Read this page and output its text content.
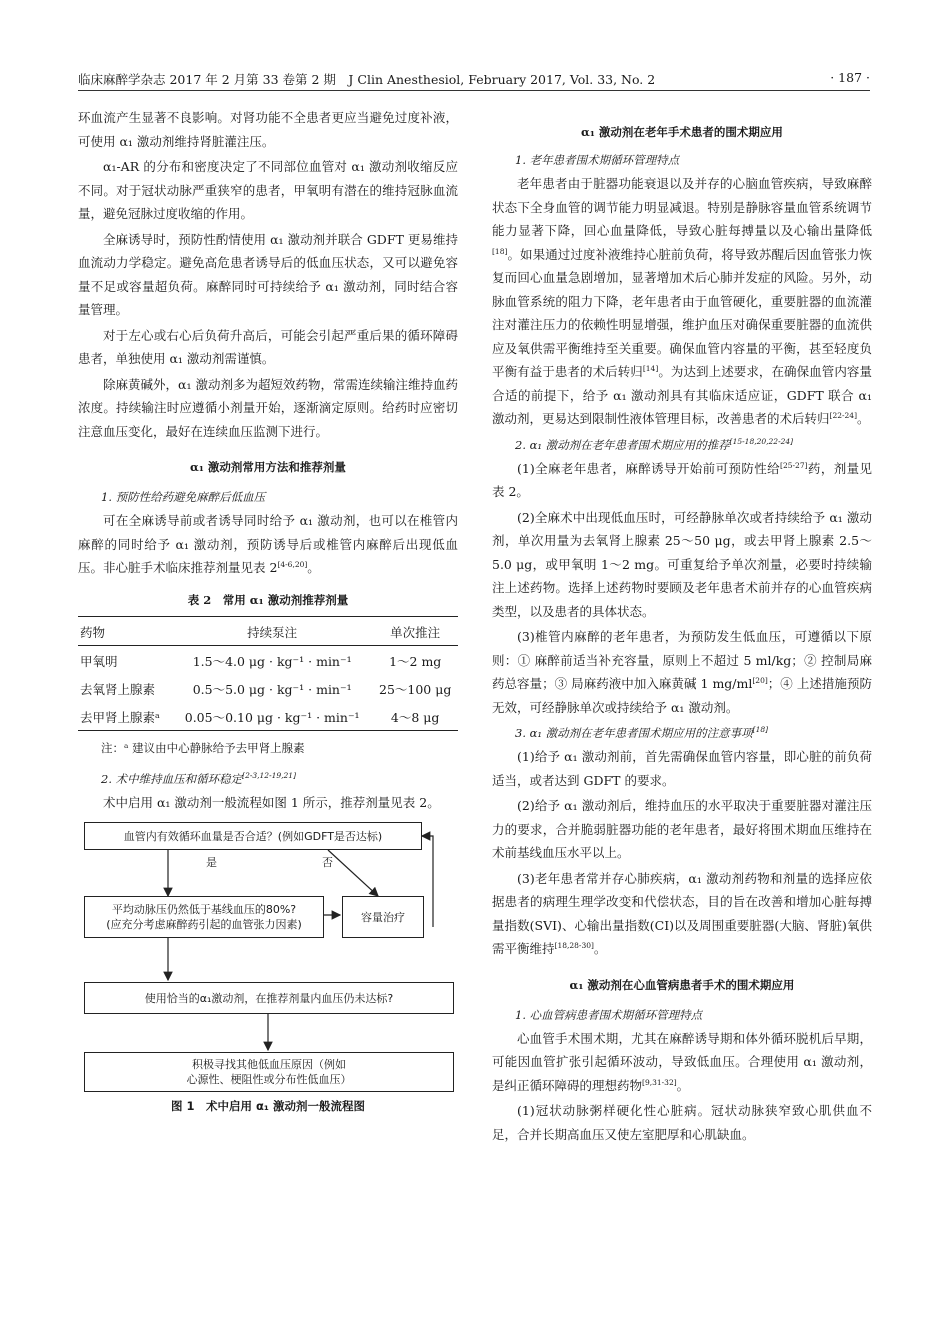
临床麻醉学杂志 2017 年 2 月第 33 卷第 2 期　J Clin Anesthesiol, February 2017, Vol. 33, No. 2	· 187 ·

环血流产生显著不良影响。对肾功能不全患者更应当避免过度补液，可使用 α₁ 激动剂维持肾脏灌注压。

α₁-AR 的分布和密度决定了不同部位血管对 α₁ 激动剂收缩反应不同。对于冠状动脉严重狭窄的患者，甲氧明有潜在的维持冠脉血流量，避免冠脉过度收缩的作用。

全麻诱导时，预防性酌情使用 α₁ 激动剂并联合 GDFT 更易维持血流动力学稳定。避免高危患者诱导后的低血压状态，又可以避免容量不足或容量超负荷。麻醉同时可持续给予 α₁ 激动剂，同时结合容量管理。

对于左心或右心后负荷升高后，可能会引起严重后果的循环障碍患者，单独使用 α₁ 激动剂需谨慎。

除麻黄碱外，α₁ 激动剂多为超短效药物，常需连续输注维持血药浓度。持续输注时应遵循小剂量开始，逐渐滴定原则。给药时应密切注意血压变化，最好在连续血压监测下进行。

α₁ 激动剂常用方法和推荐剂量
1. 预防性给药避免麻醉后低血压

可在全麻诱导前或者诱导同时给予 α₁ 激动剂，也可以在椎管内麻醉的同时给予 α₁ 激动剂，预防诱导后或椎管内麻醉后出现低血压。非心脏手术临床推荐剂量见表 2[4-6,20]。

表 2　常用 α₁ 激动剂推荐剂量
药物	持续泵注	单次推注
甲氧明	1.5～4.0 μg · kg⁻¹ · min⁻¹	1～2 mg
去氧肾上腺素	0.5～5.0 μg · kg⁻¹ · min⁻¹	25～100 μg
去甲肾上腺素ᵃ	0.05～0.10 μg · kg⁻¹ · min⁻¹	4～8 μg
注：ᵃ 建议由中心静脉给予去甲肾上腺素
2. 术中维持血压和循环稳定[2-3,12-19,21]

术中启用 α₁ 激动剂一般流程如图 1 所示，推荐剂量见表 2。

血管内有效循环血量是否合适？(例如GDFT是否达标)
是	否
平均动脉压仍然低于基线血压的80%?
(应充分考虑麻醉药引起的血管张力因素)
容量治疗
使用恰当的α₁激动剂，在推荐剂量内血压仍未达标?
积极寻找其他低血压原因（例如
心源性、梗阻性或分布性低血压）
图 1　术中启用 α₁ 激动剂一般流程图
α₁ 激动剂在老年手术患者的围术期应用
1. 老年患者围术期循环管理特点

老年患者由于脏器功能衰退以及并存的心脑血管疾病，导致麻醉状态下全身血管的调节能力明显减退。特别是静脉容量血管系统调节能力显著下降，回心血量降低，导致心脏每搏量以及心输出量降低[18]。如果通过过度补液维持心脏前负荷，将导致苏醒后因血管张力恢复而回心血量急剧增加，显著增加术后心肺并发症的风险。另外，动脉血管系统的阻力下降，老年患者由于血管硬化，重要脏器的血流灌注对灌注压力的依赖性明显增强，维护血压对确保重要脏器的血流供应及氧供需平衡维持至关重要。确保血管内容量的平衡，甚至轻度负平衡有益于患者的术后转归[14]。为达到上述要求，在确保血管内容量合适的前提下，给予 α₁ 激动剂具有其临床适应证，GDFT 联合 α₁ 激动剂，更易达到限制性液体管理目标，改善患者的术后转归[22-24]。

2. α₁ 激动剂在老年患者围术期应用的推荐[15-18,20,22-24]

(1)全麻老年患者，麻醉诱导开始前可预防性给[25-27]药，剂量见表 2。

(2)全麻术中出现低血压时，可经静脉单次或者持续给予 α₁ 激动剂，单次用量为去氧肾上腺素 25～50 μg，或去甲肾上腺素 2.5～5.0 μg，或甲氧明 1～2 mg。可重复给予单次剂量，必要时持续输注上述药物。选择上述药物时要顾及老年患者术前并存的心血管疾病类型，以及患者的具体状态。

(3)椎管内麻醉的老年患者，为预防发生低血压，可遵循以下原则：① 麻醉前适当补充容量，原则上不超过 5 ml/kg；② 控制局麻药总容量；③ 局麻药液中加入麻黄碱 1 mg/ml[20]；④ 上述措施预防无效，可经静脉单次或持续给予 α₁ 激动剂。

3. α₁ 激动剂在老年患者围术期应用的注意事项[18]

(1)给予 α₁ 激动剂前，首先需确保血管内容量，即心脏的前负荷适当，或者达到 GDFT 的要求。

(2)给予 α₁ 激动剂后，维持血压的水平取决于重要脏器对灌注压力的要求，合并脆弱脏器功能的老年患者，最好将围术期血压维持在术前基线血压水平以上。

(3)老年患者常并存心肺疾病，α₁ 激动剂药物和剂量的选择应依据患者的病理生理学改变和代偿状态，目的旨在改善和增加心脏每搏量指数(SVI)、心输出量指数(CI)以及周围重要脏器(大脑、肾脏)氧供需平衡维持[18,28-30]。

α₁ 激动剂在心血管病患者手术的围术期应用
1. 心血管病患者围术期循环管理特点

心血管手术围术期，尤其在麻醉诱导期和体外循环脱机后早期，可能因血管扩张引起循环波动，导致低血压。合理使用 α₁ 激动剂，是纠正循环障碍的理想药物[9,31-32]。

(1)冠状动脉粥样硬化性心脏病。冠状动脉狭窄致心肌供血不足，合并长期高血压又使左室肥厚和心肌缺血。
